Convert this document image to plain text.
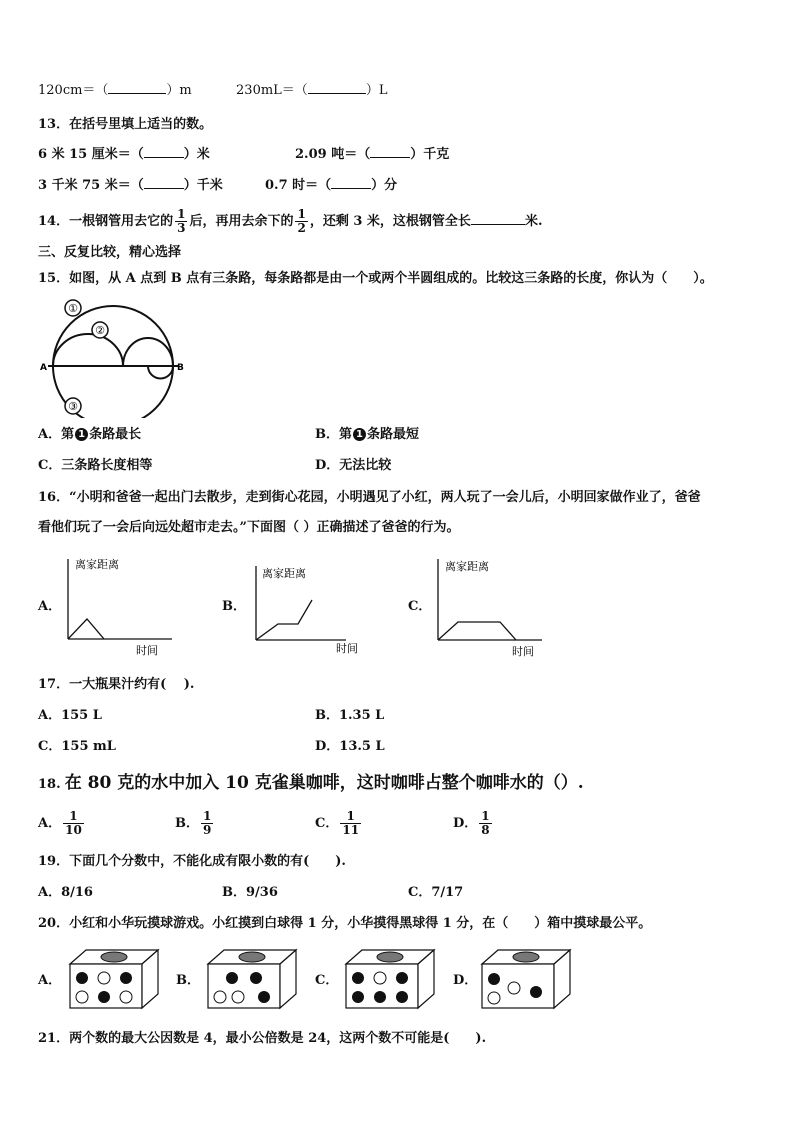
120cm＝（	）m	230mL＝（	）L
13．在括号里填上适当的数。
6 米 15 厘米＝（	）米	2.09 吨＝（	）千克
3 千米 75 米＝（	）千米	0.7 时＝（	）分
14．一根钢管用去它的 $\frac{1}{3}$ 后，再用去余下的 $\frac{1}{2}$ ，还剩 3 米，这根钢管全长	米.
三、反复比较，精心选择
15．如图，从 A 点到 B 点有三条路，每条路都是由一个或两个半圆组成的。比较这三条路的长度，你认为（　　）。
①
②
③
A	B
A．第 1 条路最长	B．第 1 条路最短
C．三条路长度相等	D．无法比较
16．“小明和爸爸一起出门去散步，走到街心花园，小明遇见了小红，两人玩了一会儿后，小明回家做作业了，爸爸
看他们玩了一会后向远处超市走去。”下面图（ ）正确描述了爸爸的行为。
A．
离家距离
时间
B．
离家距离
时间
C．
离家距离
时间
17．一大瓶果汁约有(　 ).
A．155 L	B．1.35 L
C．155 mL	D．13.5 L
18. 在 80 克的水中加入 10 克雀巢咖啡，这时咖啡占整个咖啡水的（）.
A． $\frac{1}{10}$	B． $\frac{1}{9}$	C． $\frac{1}{11}$	D． $\frac{1}{8}$
19．下面几个分数中，不能化成有限小数的有(　　).
A．8/16	B．9/36	C．7/17
20．小红和小华玩摸球游戏。小红摸到白球得 1 分，小华摸得黑球得 1 分，在（　　）箱中摸球最公平。
A．	B．	C．	D．
21．两个数的最大公因数是 4，最小公倍数是 24，这两个数不可能是(　　).
